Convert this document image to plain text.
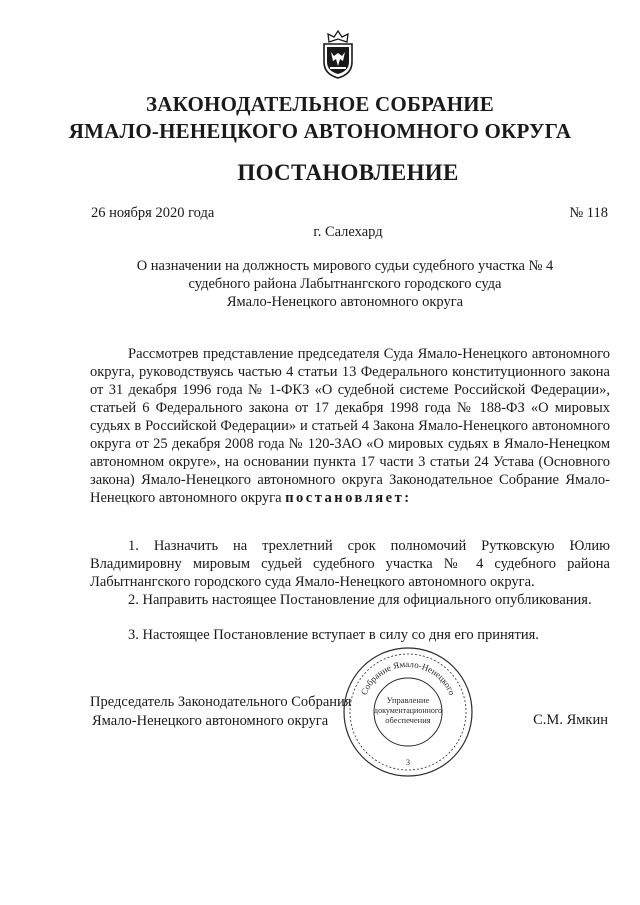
ЗАКОНОДАТЕЛЬНОЕ СОБРАНИЕ
ЯМАЛО-НЕНЕЦКОГО АВТОНОМНОГО ОКРУГА
ПОСТАНОВЛЕНИЕ
26 ноября 2020 года	№ 118
г. Салехард
О назначении на должность мирового судьи судебного участка № 4
судебного района Лабытнангского городского суда
Ямало-Ненецкого автономного округа
Рассмотрев представление председателя Суда Ямало-Ненецкого автономного округа, руководствуясь частью 4 статьи 13 Федерального конституционного закона от 31 декабря 1996 года № 1-ФКЗ «О судебной системе Российской Федерации», статьей 6 Федерального закона от 17 декабря 1998 года № 188-ФЗ «О мировых судьях в Российской Федерации» и статьей 4 Закона Ямало-Ненецкого автономного округа от 25 декабря 2008 года № 120-ЗАО «О мировых судьях в Ямало-Ненецком автономном округе», на основании пункта 17 части 3 статьи 24 Устава (Основного закона) Ямало-Ненецкого автономного округа Законодательное Собрание Ямало-Ненецкого автономного округа постановляет:
1. Назначить на трехлетний срок полномочий Рутковскую Юлию Владимировну мировым судьей судебного участка № 4 судебного района Лабытнангского городского суда Ямало-Ненецкого автономного округа.
2. Направить настоящее Постановление для официального опубликования.
3. Настоящее Постановление вступает в силу со дня его принятия.
Председатель Законодательного Собрания
Ямало-Ненецкого автономного округа	С.М. Ямкин
Собрание Ямало-Ненецкого
Управление
документационного
обеспечения
3
